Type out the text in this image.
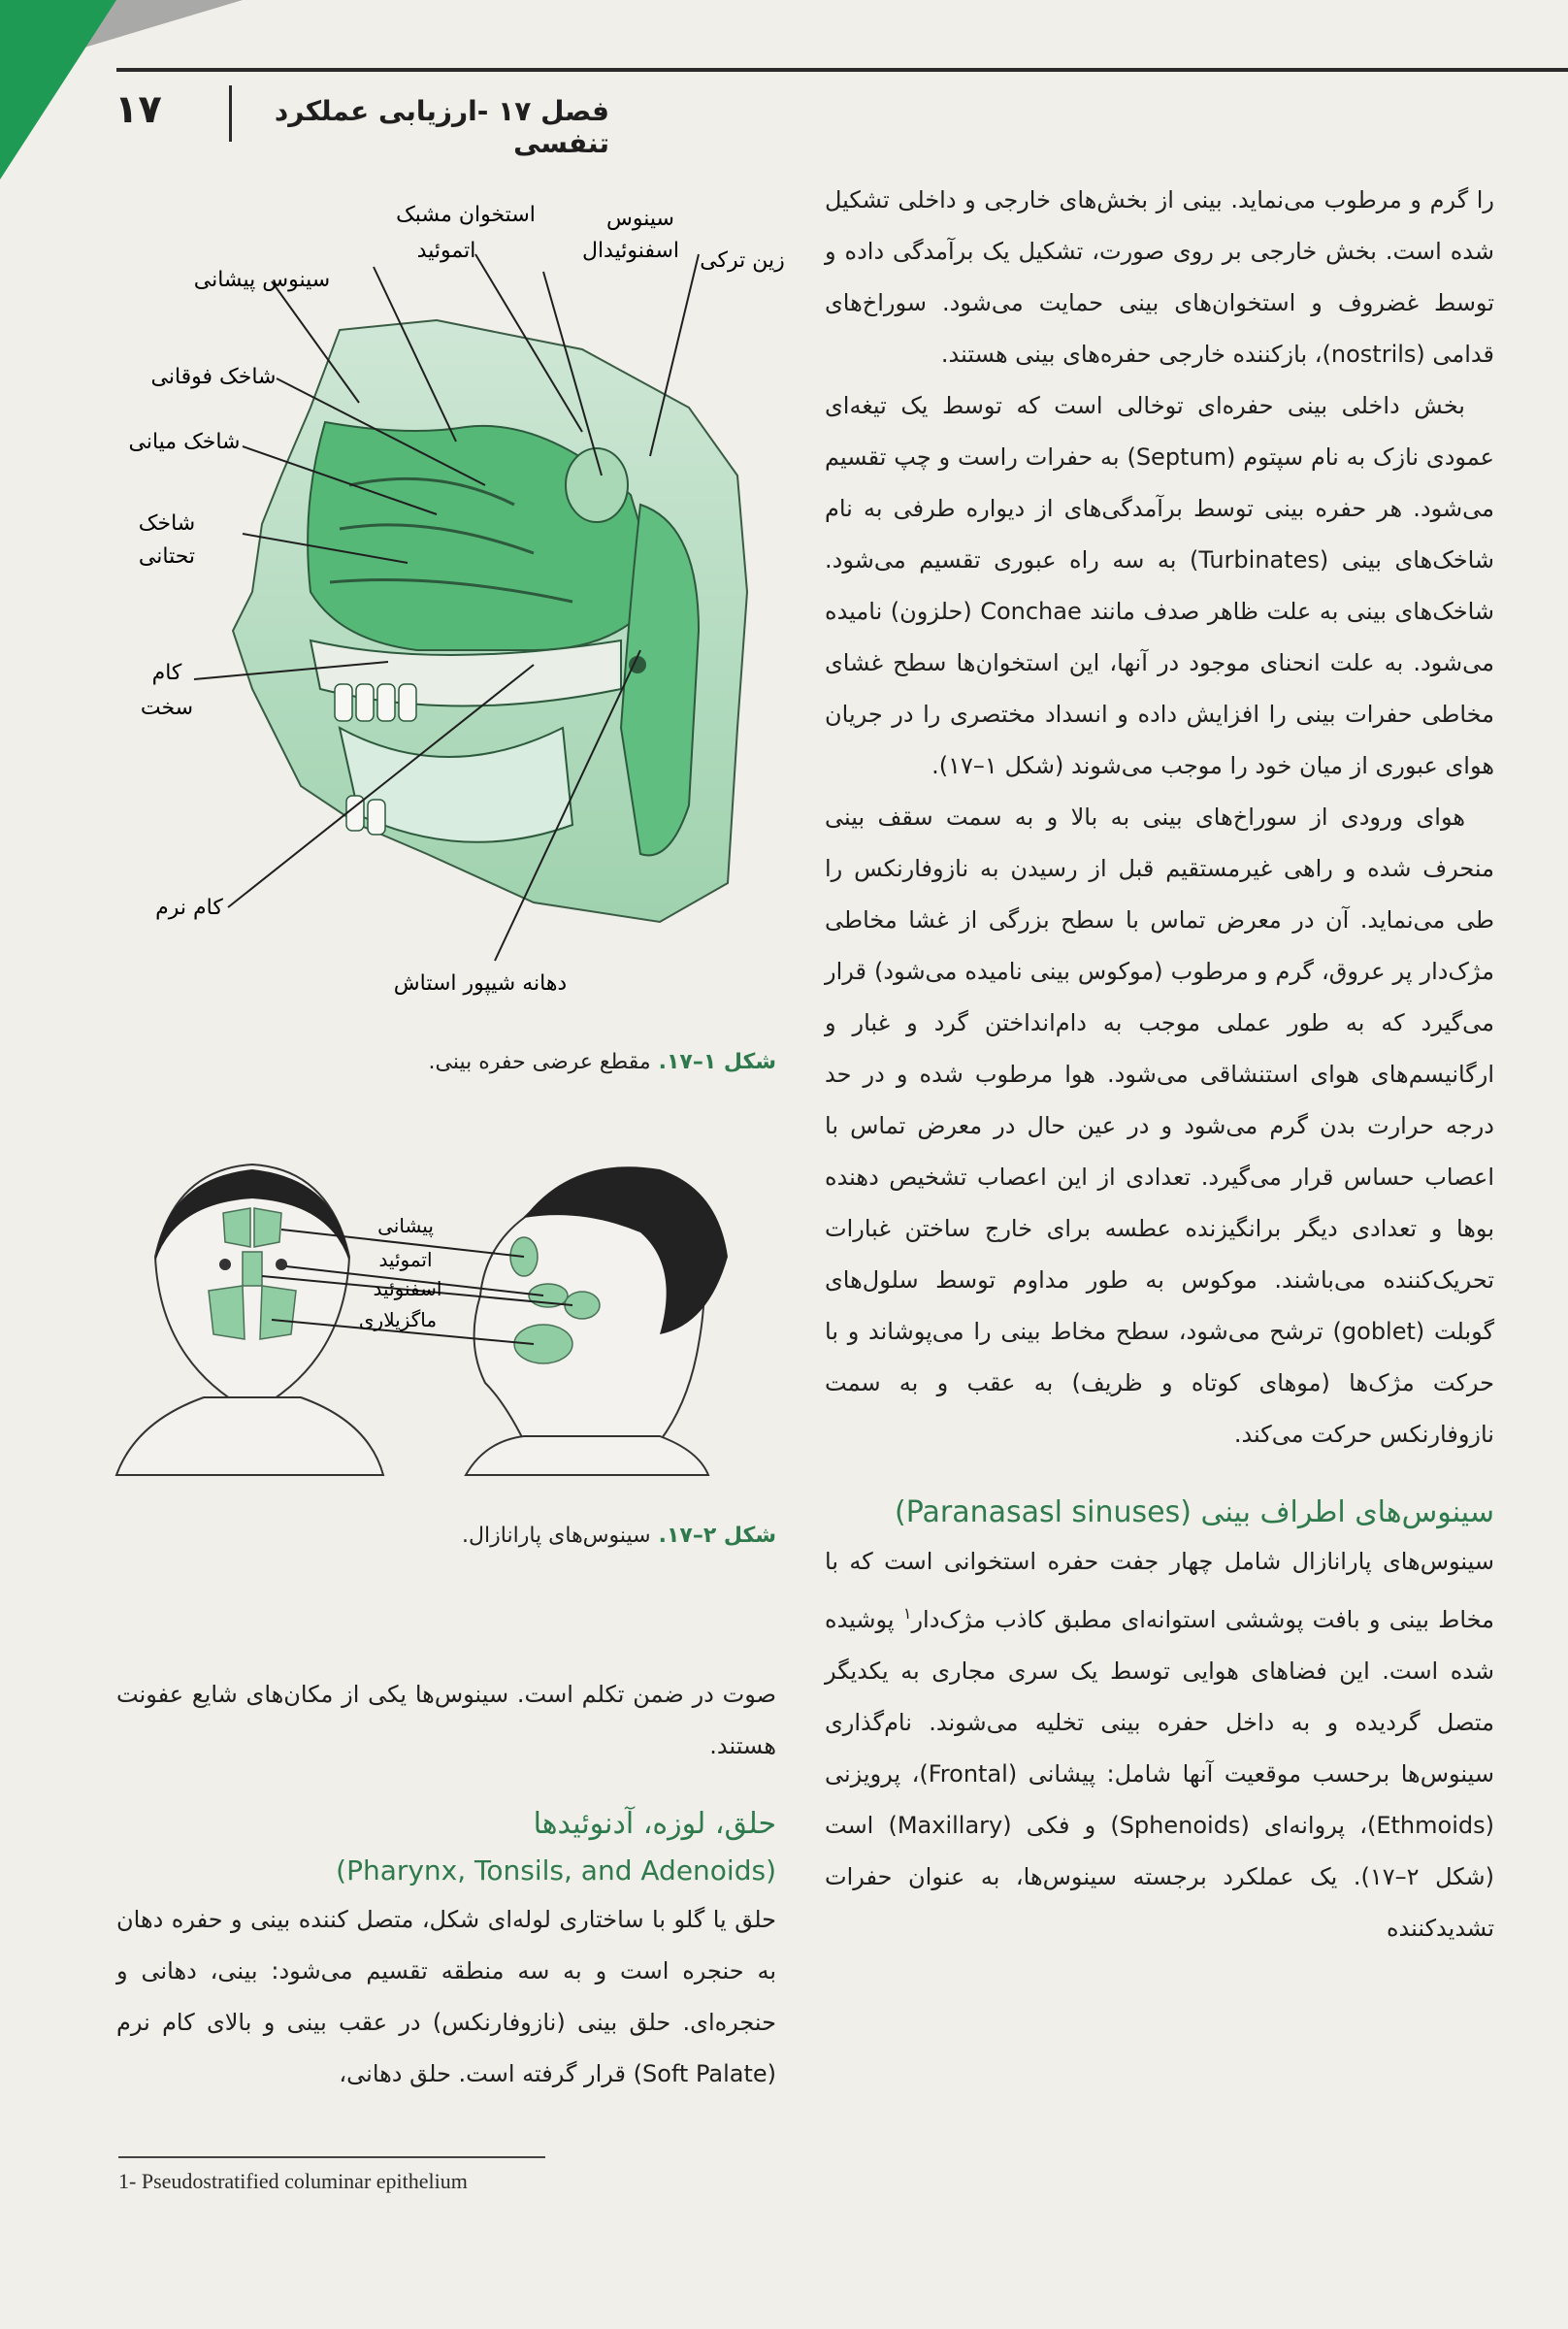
۱۷	فصل ۱۷ -ارزیابی عملکرد تنفسی

را گرم و مرطوب می‌نماید. بینی از بخش‌های خارجی و داخلی تشکیل شده است. بخش خارجی بر روی صورت، تشکیل یک برآمدگی داده و توسط غضروف و استخوان‌های بینی حمایت می‌شود. سوراخ‌های قدامی (nostrils)، بازکننده خارجی حفره‌های بینی هستند.

بخش داخلی بینی حفره‌ای توخالی است که توسط یک تیغه‌ای عمودی نازک به نام سپتوم (Septum) به حفرات راست و چپ تقسیم می‌شود. هر حفره بینی توسط برآمدگی‌های از دیواره طرفی به نام شاخک‌های بینی (Turbinates) به سه راه عبوری تقسیم می‌شود. شاخک‌های بینی به علت ظاهر صدف مانند Conchae (حلزون) نامیده می‌شود. به علت انحنای موجود در آنها، این استخوان‌ها سطح غشای مخاطی حفرات بینی را افزایش داده و انسداد مختصری را در جریان هوای عبوری از میان خود را موجب می‌شوند (شکل ۱–۱۷).

هوای ورودی از سوراخ‌های بینی به بالا و به سمت سقف بینی منحرف شده و راهی غیرمستقیم قبل از رسیدن به نازوفارنکس را طی می‌نماید. آن در معرض تماس با سطح بزرگی از غشا مخاطی مژک‌دار پر عروق، گرم و مرطوب (موکوس بینی نامیده می‌شود) قرار می‌گیرد که به طور عملی موجب به دام‌انداختن گرد و غبار و ارگانیسم‌های هوای استنشاقی می‌شود. هوا مرطوب شده و در حد درجه حرارت بدن گرم می‌شود و در عین حال در معرض تماس با اعصاب حساس قرار می‌گیرد. تعدادی از این اعصاب تشخیص دهنده بوها و تعدادی دیگر برانگیزنده عطسه برای خارج ساختن غبارات تحریک‌کننده می‌باشند. موکوس به طور مداوم توسط سلول‌های گوبلت (goblet) ترشح می‌شود، سطح مخاط بینی را می‌پوشاند و با حرکت مژک‌ها (موهای کوتاه و ظریف) به عقب و به سمت نازوفارنکس حرکت می‌کند.

سینوس‌های اطراف بینی (Paranasasl sinuses)

سینوس‌های پارانازال شامل چهار جفت حفره استخوانی است که با مخاط بینی و بافت پوششی استوانه‌ای مطبق کاذب مژک‌دار$^۱$ پوشیده شده است. این فضاهای هوایی توسط یک سری مجاری به یکدیگر متصل گردیده و به داخل حفره بینی تخلیه می‌شوند. نام‌گذاری سینوس‌ها برحسب موقعیت آنها شامل: پیشانی (Frontal)، پرویزنی (Ethmoids)، پروانه‌ای (Sphenoids) و فکی (Maxillary) است (شکل ۲–۱۷). یک عملکرد برجسته سینوس‌ها، به عنوان حفرات تشدیدکننده

استخوان مشبک
اتموئید
سینوس پیشانی
سینوس
اسفنوئیدال زین ترکی
شاخک فوقانی
شاخک میانی
شاخک
تحتانی
کام
سخت
کام نرم
دهانه شیپور استاش
شکل ۱–۱۷.مقطع عرضی حفره بینی.
پیشانی
اتموئید
اسفنوئید
ماگزیلاری
شکل ۲–۱۷.سینوس‌های پارانازال.

صوت در ضمن تکلم است. سینوس‌ها یکی از مکان‌های شایع عفونت هستند.

حلق، لوزه، آدنوئیدها
(Pharynx, Tonsils, and Adenoids)

حلق یا گلو با ساختاری لوله‌ای شکل، متصل کننده بینی و حفره دهان به حنجره است و به سه منطقه تقسیم می‌شود: بینی، دهانی و حنجره‌ای. حلق بینی (نازوفارنکس) در عقب بینی و بالای کام نرم (Soft Palate) قرار گرفته است. حلق دهانی،

1- Pseudostratified columinar epithelium
